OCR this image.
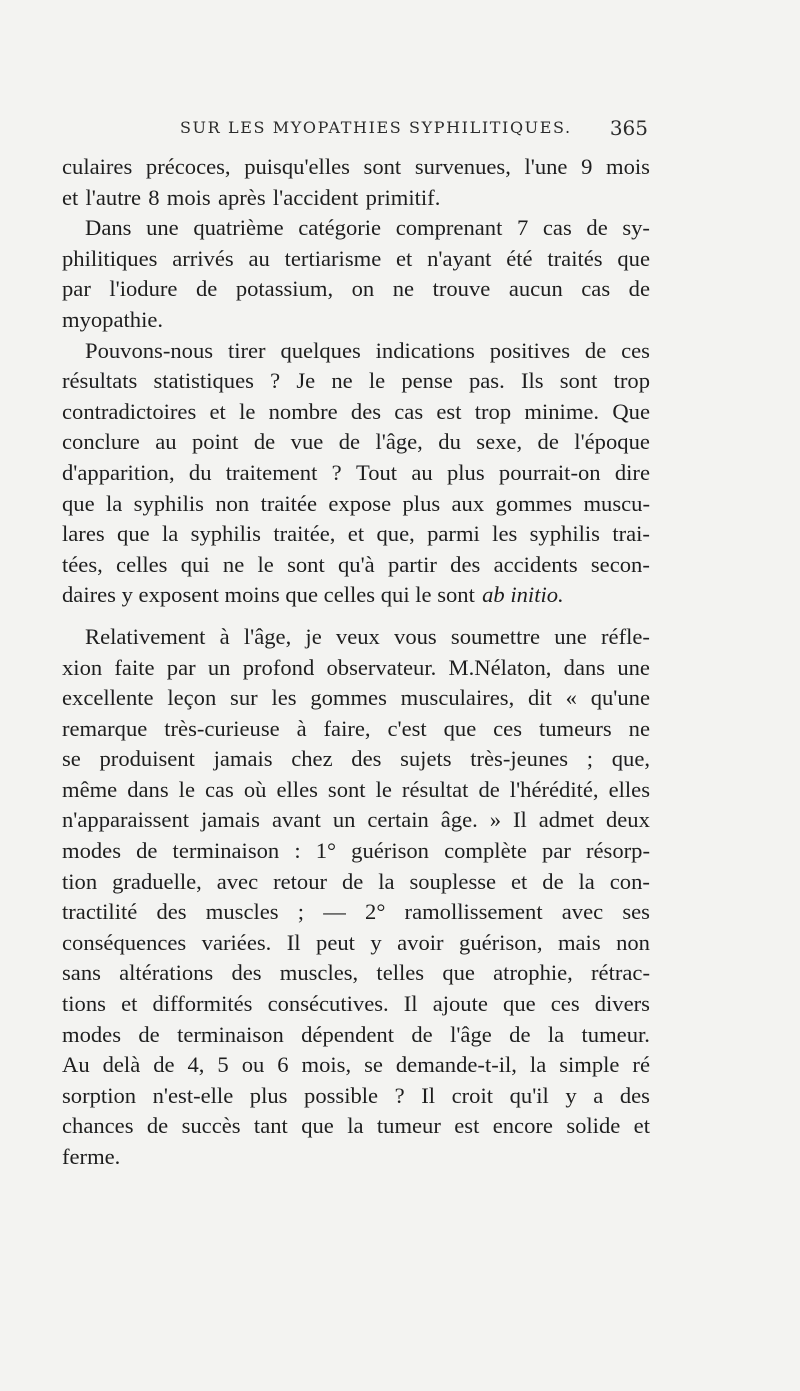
SUR LES MYOPATHIES SYPHILITIQUES. 365
culaires précoces, puisqu'elles sont survenues, l'une 9 mois
et l'autre 8 mois après l'accident primitif.
Dans une quatrième catégorie comprenant 7 cas de sy-
philitiques arrivés au tertiarisme et n'ayant été traités que
par l'iodure de potassium, on ne trouve aucun cas de
myopathie.
Pouvons-nous tirer quelques indications positives de ces
résultats statistiques ? Je ne le pense pas. Ils sont trop
contradictoires et le nombre des cas est trop minime. Que
conclure au point de vue de l'âge, du sexe, de l'époque
d'apparition, du traitement ? Tout au plus pourrait-on dire
que la syphilis non traitée expose plus aux gommes muscu-
lares que la syphilis traitée, et que, parmi les syphilis trai-
tées, celles qui ne le sont qu'à partir des accidents secon-
daires y exposent moins que celles qui le sont ab initio.
Relativement à l'âge, je veux vous soumettre une réfle-
xion faite par un profond observateur. M.Nélaton, dans une
excellente leçon sur les gommes musculaires, dit « qu'une
remarque très-curieuse à faire, c'est que ces tumeurs ne
se produisent jamais chez des sujets très-jeunes ; que,
même dans le cas où elles sont le résultat de l'hérédité, elles
n'apparaissent jamais avant un certain âge. » Il admet deux
modes de terminaison : 1° guérison complète par résorp-
tion graduelle, avec retour de la souplesse et de la con-
tractilité des muscles ; — 2° ramollissement avec ses
conséquences variées. Il peut y avoir guérison, mais non
sans altérations des muscles, telles que atrophie, rétrac-
tions et difformités consécutives. Il ajoute que ces divers
modes de terminaison dépendent de l'âge de la tumeur.
Au delà de 4, 5 ou 6 mois, se demande-t-il, la simple ré
sorption n'est-elle plus possible ? Il croit qu'il y a des
chances de succès tant que la tumeur est encore solide et
ferme.
